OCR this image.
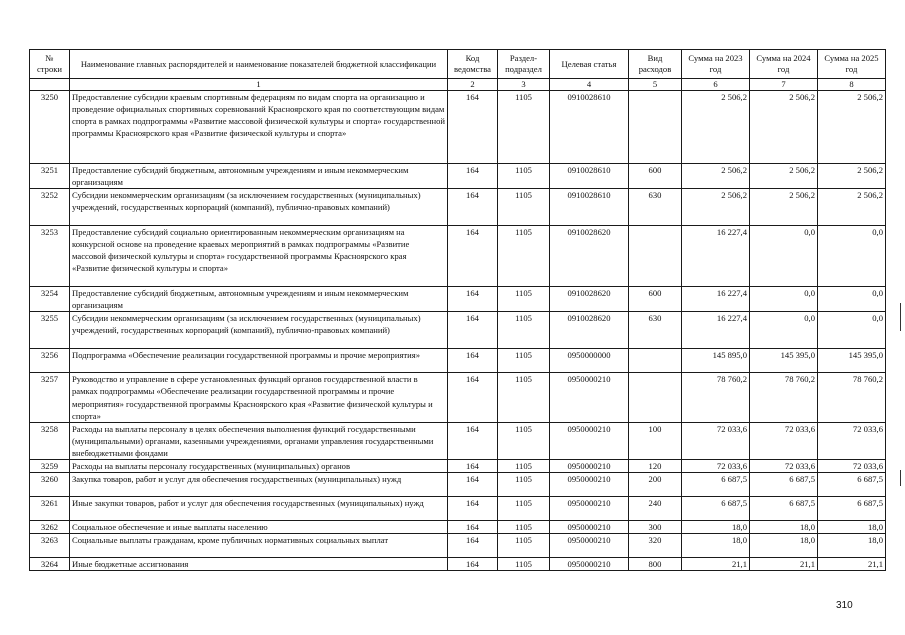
№ строки	Наименование главных распорядителей и наименование показателей бюджетной классификации	Код ведомства	Раздел-подраздел	Целевая статья	Вид расходов	Сумма на 2023 год	Сумма на 2024 год	Сумма на 2025 год
	1	2	3	4	5	6	7	8
3250	Предоставление субсидии краевым спортивным федерациям по видам спорта на организацию и проведение официальных спортивных соревнований Красноярского края по соответствующим видам спорта в рамках подпрограммы «Развитие массовой физической культуры и спорта» государственной программы Красноярского края «Развитие физической культуры и спорта»	164	1105	0910028610		2 506,2	2 506,2	2 506,2
3251	Предоставление субсидий бюджетным, автономным учреждениям и иным некоммерческим организациям	164	1105	0910028610	600	2 506,2	2 506,2	2 506,2
3252	Субсидии некоммерческим организациям (за исключением государственных (муниципальных) учреждений, государственных корпораций (компаний), публично-правовых компаний)	164	1105	0910028610	630	2 506,2	2 506,2	2 506,2
3253	Предоставление субсидий социально ориентированным некоммерческим организациям на конкурсной основе на проведение краевых мероприятий в рамках подпрограммы «Развитие массовой физической культуры и спорта» государственной программы Красноярского края «Развитие физической культуры и спорта»	164	1105	0910028620		16 227,4	0,0	0,0
3254	Предоставление субсидий бюджетным, автономным учреждениям и иным некоммерческим организациям	164	1105	0910028620	600	16 227,4	0,0	0,0
3255	Субсидии некоммерческим организациям (за исключением государственных (муниципальных) учреждений, государственных корпораций (компаний), публично-правовых компаний)	164	1105	0910028620	630	16 227,4	0,0	0,0
3256	Подпрограмма «Обеспечение реализации государственной программы и прочие мероприятия»	164	1105	0950000000		145 895,0	145 395,0	145 395,0
3257	Руководство и управление в сфере установленных функций органов государственной власти в рамках подпрограммы «Обеспечение реализации государственной программы и прочие мероприятия» государственной программы Красноярского края «Развитие физической культуры и спорта»	164	1105	0950000210		78 760,2	78 760,2	78 760,2
3258	Расходы на выплаты персоналу в целях обеспечения выполнения функций государственными (муниципальными) органами, казенными учреждениями, органами управления государственными внебюджетными фондами	164	1105	0950000210	100	72 033,6	72 033,6	72 033,6
3259	Расходы на выплаты персоналу государственных (муниципальных) органов	164	1105	0950000210	120	72 033,6	72 033,6	72 033,6
3260	Закупка товаров, работ и услуг для обеспечения государственных (муниципальных) нужд	164	1105	0950000210	200	6 687,5	6 687,5	6 687,5
3261	Иные закупки товаров, работ и услуг для обеспечения государственных (муниципальных) нужд	164	1105	0950000210	240	6 687,5	6 687,5	6 687,5
3262	Социальное обеспечение и иные выплаты населению	164	1105	0950000210	300	18,0	18,0	18,0
3263	Социальные выплаты гражданам, кроме публичных нормативных социальных выплат	164	1105	0950000210	320	18,0	18,0	18,0
3264	Иные бюджетные ассигнования	164	1105	0950000210	800	21,1	21,1	21,1
310
